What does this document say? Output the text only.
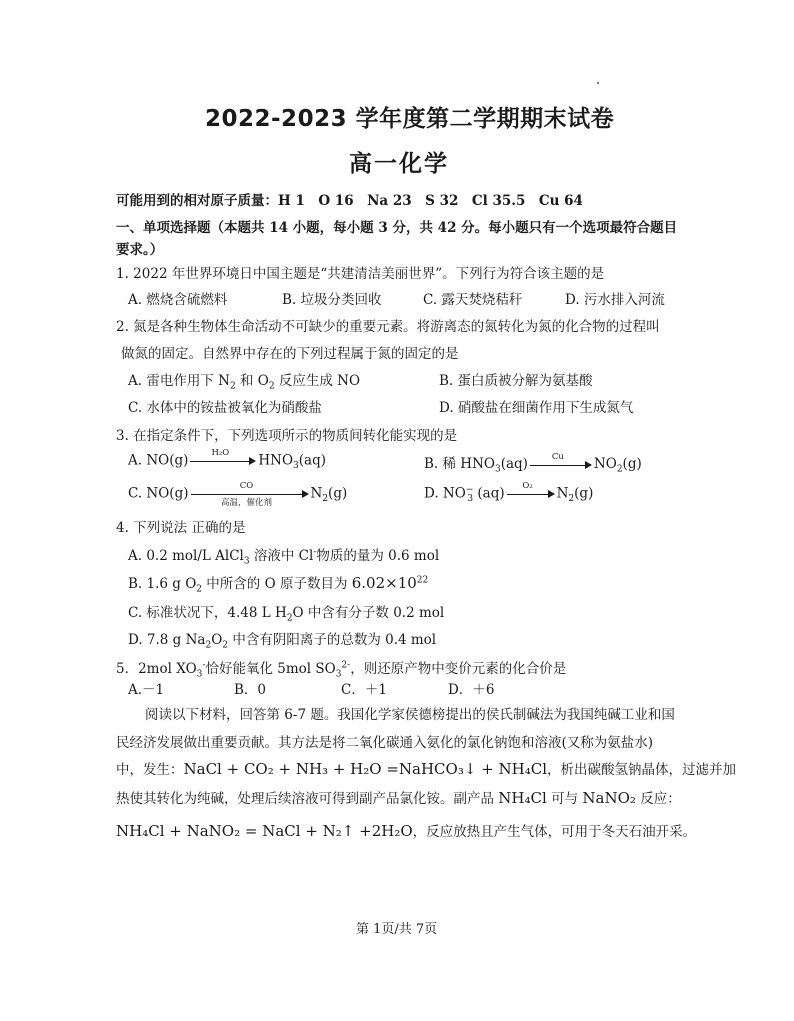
2022-2023 学年度第二学期期末试卷
高一化学
可能用到的相对原子质量：H 1　O 16　Na 23　S 32　Cl 35.5　Cu 64
一、单项选择题（本题共 14 小题，每小题 3 分，共 42 分。每小题只有一个选项最符合题目
要求。）
1. 2022 年世界环境日中国主题是“共建清洁美丽世界”。下列行为符合该主题的是
A. 燃烧含硫燃料	B. 垃圾分类回收	C. 露天焚烧秸秆	D. 污水排入河流
2. 氮是各种生物体生命活动不可缺少的重要元素。将游离态的氮转化为氮的化合物的过程叫
做氮的固定。自然界中存在的下列过程属于氮的固定的是
A. 雷电作用下 $N_2$ 和 $O_2$ 反应生成 NO	B. 蛋白质被分解为氨基酸
C. 水体中的铵盐被氧化为硝酸盐	D. 硝酸盐在细菌作用下生成氮气
3. 在指定条件下，下列选项所示的物质间转化能实现的是
A. NO(g)	H₂O	$HNO_3(aq)$	B. 稀 $HNO_3(aq)$	Cu	$NO_2(g)$
C. NO(g)	CO
高温，催化剂
$N_2(g)$	D. $NO^-_3$ (aq)	O₂	$N_2(g)$
4. 下列说法 正确的是
A. 0.2 mol/L AlCl$_3$ 溶液中 Cl-物质的量为 0.6 mol
B. 1.6 g $O_2$ 中所含的 O 原子数目为 $6.02\times 10^{22}$
C. 标准状况下，4.48 L $H_2O$ 中含有分子数 0.2 mol
D. 7.8 g $Na_2O_2$ 中含有阴阳离子的总数为 0.4 mol
5．2mol $XO_3^-$恰好能氧化 5mol $SO_3^{2-}$，则还原产物中变价元素的化合价是
A.－1	B．0	C．＋1	D．＋6
阅读以下材料，回答第 6-7 题。我国化学家侯德榜提出的侯氏制碱法为我国纯碱工业和国
民经济发展做出重要贡献。其方法是将二氧化碳通入氨化的氯化钠饱和溶液(又称为氨盐水)
中，发生：NaCl + CO₂ + NH₃ + H₂O =NaHCO₃↓ + NH₄Cl，析出碳酸氢钠晶体，过滤并加
热使其转化为纯碱，处理后续溶液可得到副产品氯化铵。副产品 NH₄Cl 可与 NaNO₂ 反应：
NH₄Cl + NaNO₂ = NaCl + N₂↑ +2H₂O，反应放热且产生气体，可用于冬天石油开采。
第 1页/共 7页
